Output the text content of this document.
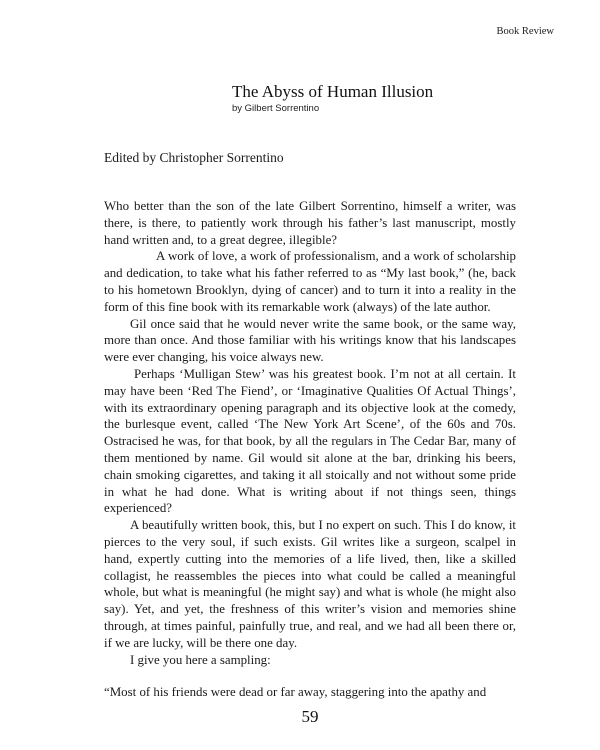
Book Review
The Abyss of Human Illusion
by Gilbert Sorrentino
Edited by Christopher Sorrentino

Who better than the son of the late Gilbert Sorrentino, himself a writer, was there, is there, to patiently work through his father’s last manuscript, mostly hand written and, to a great degree, illegible?

A work of love, a work of professionalism, and a work of scholarship and dedication, to take what his father referred to as “My last book,” (he, back to his hometown Brooklyn, dying of cancer) and to turn it into a reality in the form of this fine book with its remarkable work (always) of the late author.

Gil once said that he would never write the same book, or the same way, more than once. And those familiar with his writings know that his landscapes were ever changing, his voice always new.

Perhaps ‘Mulligan Stew’ was his greatest book. I’m not at all certain. It may have been ‘Red The Fiend’, or ‘Imaginative Qualities Of Actual Things’, with its extraordinary opening paragraph and its objective look at the comedy, the burlesque event, called ‘The New York Art Scene’, of the 60s and 70s. Ostracised he was, for that book, by all the regulars in The Cedar Bar, many of them mentioned by name. Gil would sit alone at the bar, drinking his beers, chain smoking cigarettes, and taking it all stoically and not without some pride in what he had done. What is writing about if not things seen, things experienced?

A beautifully written book, this, but I no expert on such. This I do know, it pierces to the very soul, if such exists. Gil writes like a surgeon, scalpel in hand, expertly cutting into the memories of a life lived, then, like a skilled collagist, he reassembles the pieces into what could be called a meaningful whole, but what is meaningful (he might say) and what is whole (he might also say). Yet, and yet, the freshness of this writer’s vision and memories shine through, at times painful, painfully true, and real, and we had all been there or, if we are lucky, will be there one day.

I give you here a sampling:

“Most of his friends were dead or far away, staggering into the apathy and

59
